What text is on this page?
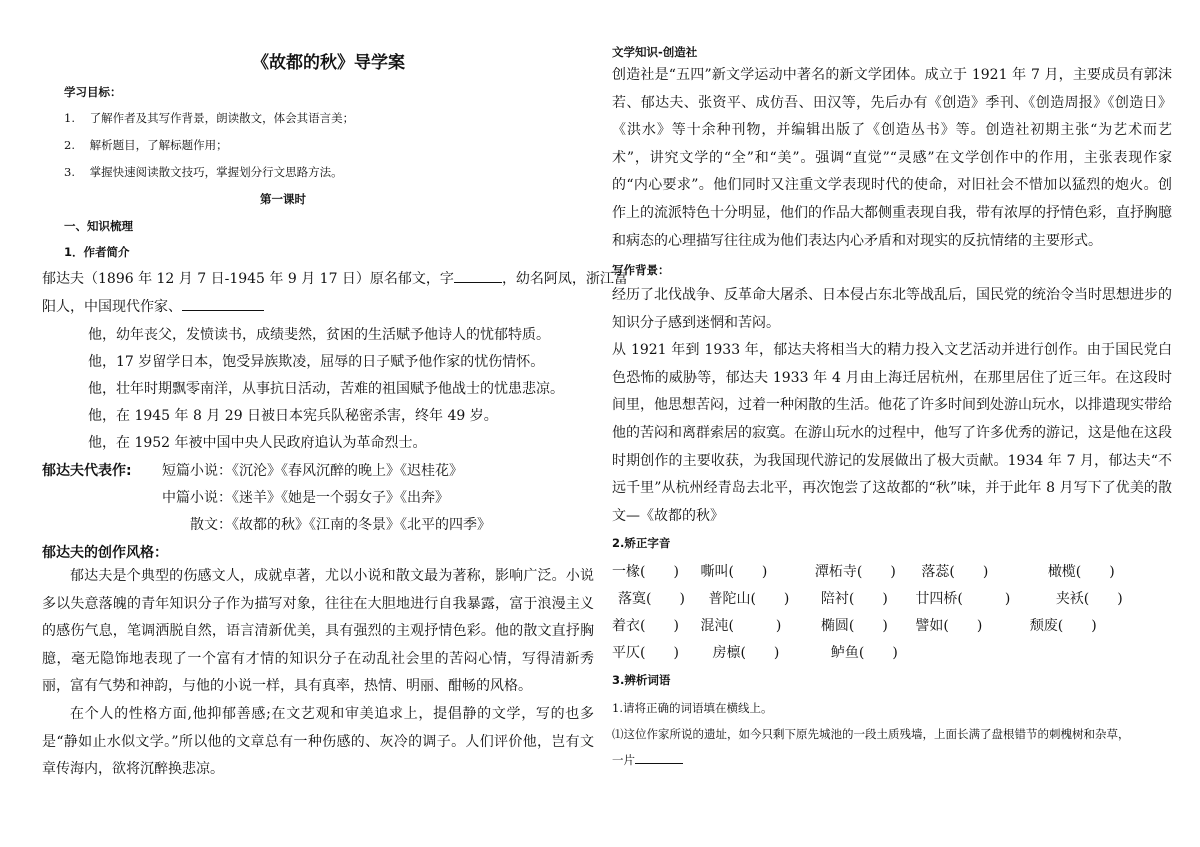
《故都的秋》导学案
学习目标：
1. 了解作者及其写作背景，朗读散文，体会其语言美；
2. 解析题目，了解标题作用；
3. 掌握快速阅读散文技巧，掌握划分行文思路方法。
第一课时
一、知识梳理
1．作者简介
郁达夫（1896 年 12 月 7 日-1945 年 9 月 17 日）原名郁文，字	，幼名阿凤，浙江富
阳人，中国现代作家、
他，幼年丧父，发愤读书，成绩斐然，贫困的生活赋予他诗人的忧郁特质。
他，17 岁留学日本，饱受异族欺凌，屈辱的日子赋予他作家的忧伤情怀。
他，壮年时期飘零南洋，从事抗日活动，苦难的祖国赋予他战士的忧患悲凉。
他，在 1945 年 8 月 29 日被日本宪兵队秘密杀害，终年 49 岁。
他，在 1952 年被中国中央人民政府追认为革命烈士。
郁达夫代表作: 短篇小说：《沉沦》《春风沉醉的晚上》《迟桂花》
中篇小说：《迷羊》《她是一个弱女子》《出奔》
散文：《故都的秋》《江南的冬景》《北平的四季》
郁达夫的创作风格：

郁达夫是个典型的伤感文人，成就卓著，尤以小说和散文最为著称，影响广泛。小说多以失意落魄的青年知识分子作为描写对象，往往在大胆地进行自我暴露，富于浪漫主义的感伤气息，笔调洒脱自然，语言清新优美，具有强烈的主观抒情色彩。他的散文直抒胸臆，毫无隐饰地表现了一个富有才情的知识分子在动乱社会里的苦闷心情，写得清新秀丽，富有气势和神韵，与他的小说一样，具有真率，热情、明丽、酣畅的风格。

在个人的性格方面,他抑郁善感;在文艺观和审美追求上，提倡静的文学，写的也多是“静如止水似文学。”所以他的文章总有一种伤感的、灰冷的调子。人们评价他，岂有文章传海内，欲将沉醉换悲凉。

文学知识-创造社
创造社是“五四”新文学运动中著名的新文学团体。成立于 1921 年 7 月，主要成员有郭沫若、郁达夫、张资平、成仿吾、田汉等，先后办有《创造》季刊、《创造周报》《创造日》《洪水》等十余种刊物，并编辑出版了《创造丛书》等。创造社初期主张“为艺术而艺术”，讲究文学的“全”和“美”。强调“直觉”“灵感”在文学创作中的作用，主张表现作家的“内心要求”。他们同时又注重文学表现时代的使命，对旧社会不惜加以猛烈的炮火。创作上的流派特色十分明显，他们的作品大都侧重表现自我，带有浓厚的抒情色彩，直抒胸臆和病态的心理描写往往成为他们表达内心矛盾和对现实的反抗情绪的主要形式。
写作背景：

经历了北伐战争、反革命大屠杀、日本侵占东北等战乱后，国民党的统治令当时思想进步的知识分子感到迷惘和苦闷。

从 1921 年到 1933 年，郁达夫将相当大的精力投入文艺活动并进行创作。由于国民党白色恐怖的威胁等，郁达夫 1933 年 4 月由上海迁居杭州，在那里居住了近三年。在这段时间里，他思想苦闷，过着一种闲散的生活。他花了许多时间到处游山玩水，以排遣现实带给他的苦闷和离群索居的寂寞。在游山玩水的过程中，他写了许多优秀的游记，这是他在这段时期创作的主要收获，为我国现代游记的发展做出了极大贡献。1934 年 7 月，郁达夫“不远千里”从杭州经青岛去北平，再次饱尝了这故都的“秋”味，并于此年 8 月写下了优美的散文—《故都的秋》

2.矫正字音
一椽(　　) 嘶叫(　　)	潭柘寺(　　) 落蕊(　　)	橄榄(　　)
落寞(　　) 普陀山(　　) 陪衬(　　) 廿四桥(　　　)	夹袄(　　)
着衣(　　) 混沌(　　　)	椭圆(　　) 譬如(　　)	颓废(　　)
平仄(　　) 房檩(　　)	鲈鱼(　　)
3.辨析词语
1.请将正确的词语填在横线上。
⑴这位作家所说的遗址，如今只剩下原先城池的一段土质残墙，上面长满了盘根错节的刺槐树和杂草，
一片
